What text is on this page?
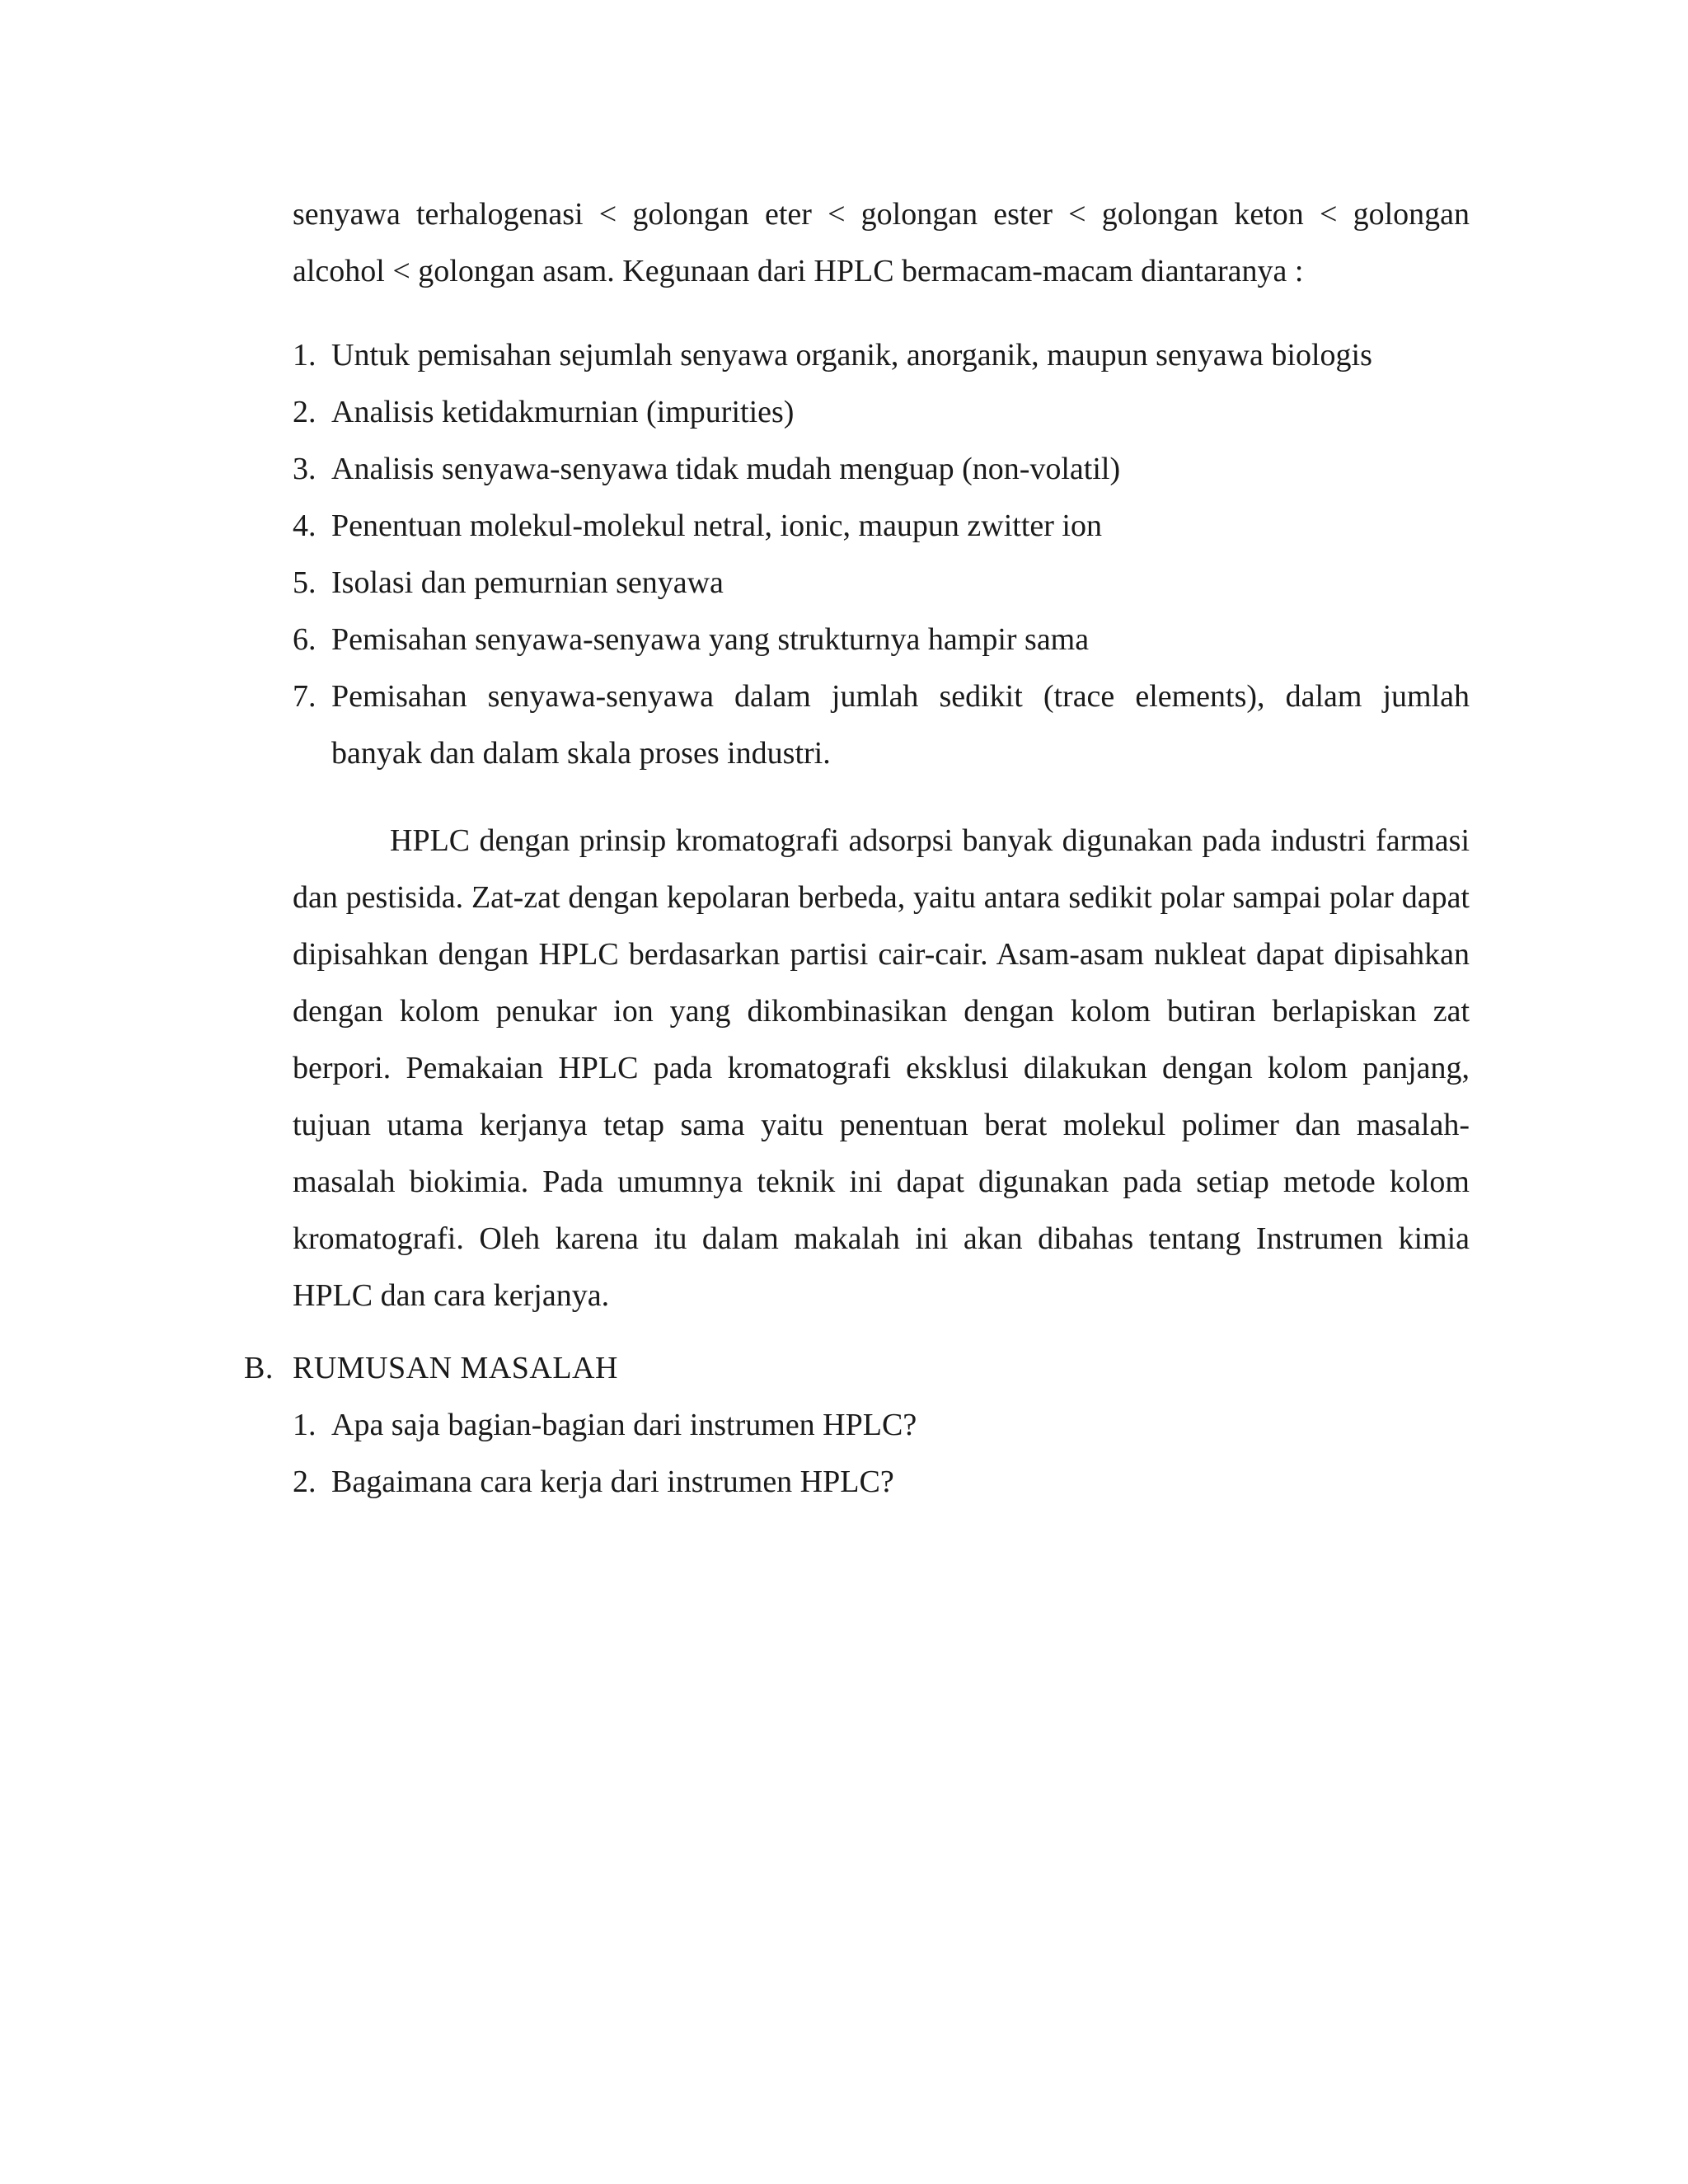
senyawa terhalogenasi < golongan eter < golongan ester < golongan keton < golongan
alcohol < golongan asam. Kegunaan dari HPLC bermacam-macam diantaranya :
1. Untuk pemisahan sejumlah senyawa organik, anorganik, maupun senyawa biologis
2. Analisis ketidakmurnian (impurities)
3. Analisis senyawa-senyawa tidak mudah menguap (non-volatil)
4. Penentuan molekul-molekul netral, ionic, maupun zwitter ion
5. Isolasi dan pemurnian senyawa
6. Pemisahan senyawa-senyawa yang strukturnya hampir sama
7. Pemisahan senyawa-senyawa dalam jumlah sedikit (trace elements), dalam jumlah
banyak dan dalam skala proses industri.

HPLC dengan prinsip kromatografi adsorpsi banyak digunakan pada industri farmasi dan pestisida. Zat-zat dengan kepolaran berbeda, yaitu antara sedikit polar sampai polar dapat dipisahkan dengan HPLC berdasarkan partisi cair-cair. Asam-asam nukleat dapat dipisahkan dengan kolom penukar ion yang dikombinasikan dengan kolom butiran berlapiskan zat berpori. Pemakaian HPLC pada kromatografi eksklusi dilakukan dengan kolom panjang, tujuan utama kerjanya tetap sama yaitu penentuan berat molekul polimer dan masalah-masalah biokimia. Pada umumnya teknik ini dapat digunakan pada setiap metode kolom kromatografi. Oleh karena itu dalam makalah ini akan dibahas tentang Instrumen kimia HPLC dan cara kerjanya.

B. RUMUSAN MASALAH
1. Apa saja bagian-bagian dari instrumen HPLC?
2. Bagaimana cara kerja dari instrumen HPLC?
